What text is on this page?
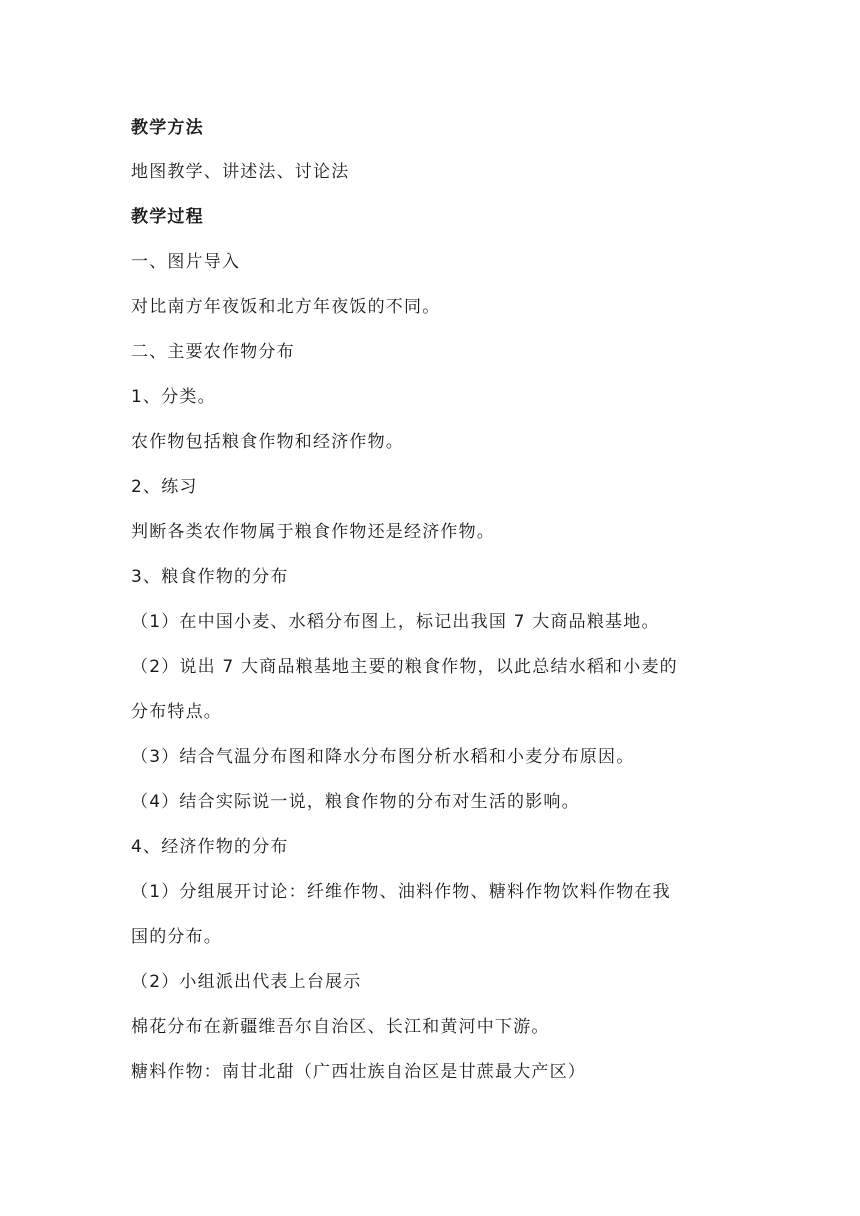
教学方法
地图教学、讲述法、讨论法
教学过程
一、图片导入
对比南方年夜饭和北方年夜饭的不同。
二、主要农作物分布
1、分类。
农作物包括粮食作物和经济作物。
2、练习
判断各类农作物属于粮食作物还是经济作物。
3、粮食作物的分布
（1）在中国小麦、水稻分布图上，标记出我国 7 大商品粮基地。
（2）说出 7 大商品粮基地主要的粮食作物，以此总结水稻和小麦的
分布特点。
（3）结合气温分布图和降水分布图分析水稻和小麦分布原因。
（4）结合实际说一说，粮食作物的分布对生活的影响。
4、经济作物的分布
（1）分组展开讨论：纤维作物、油料作物、糖料作物饮料作物在我
国的分布。
（2）小组派出代表上台展示
棉花分布在新疆维吾尔自治区、长江和黄河中下游。
糖料作物：南甘北甜（广西壮族自治区是甘蔗最大产区）
